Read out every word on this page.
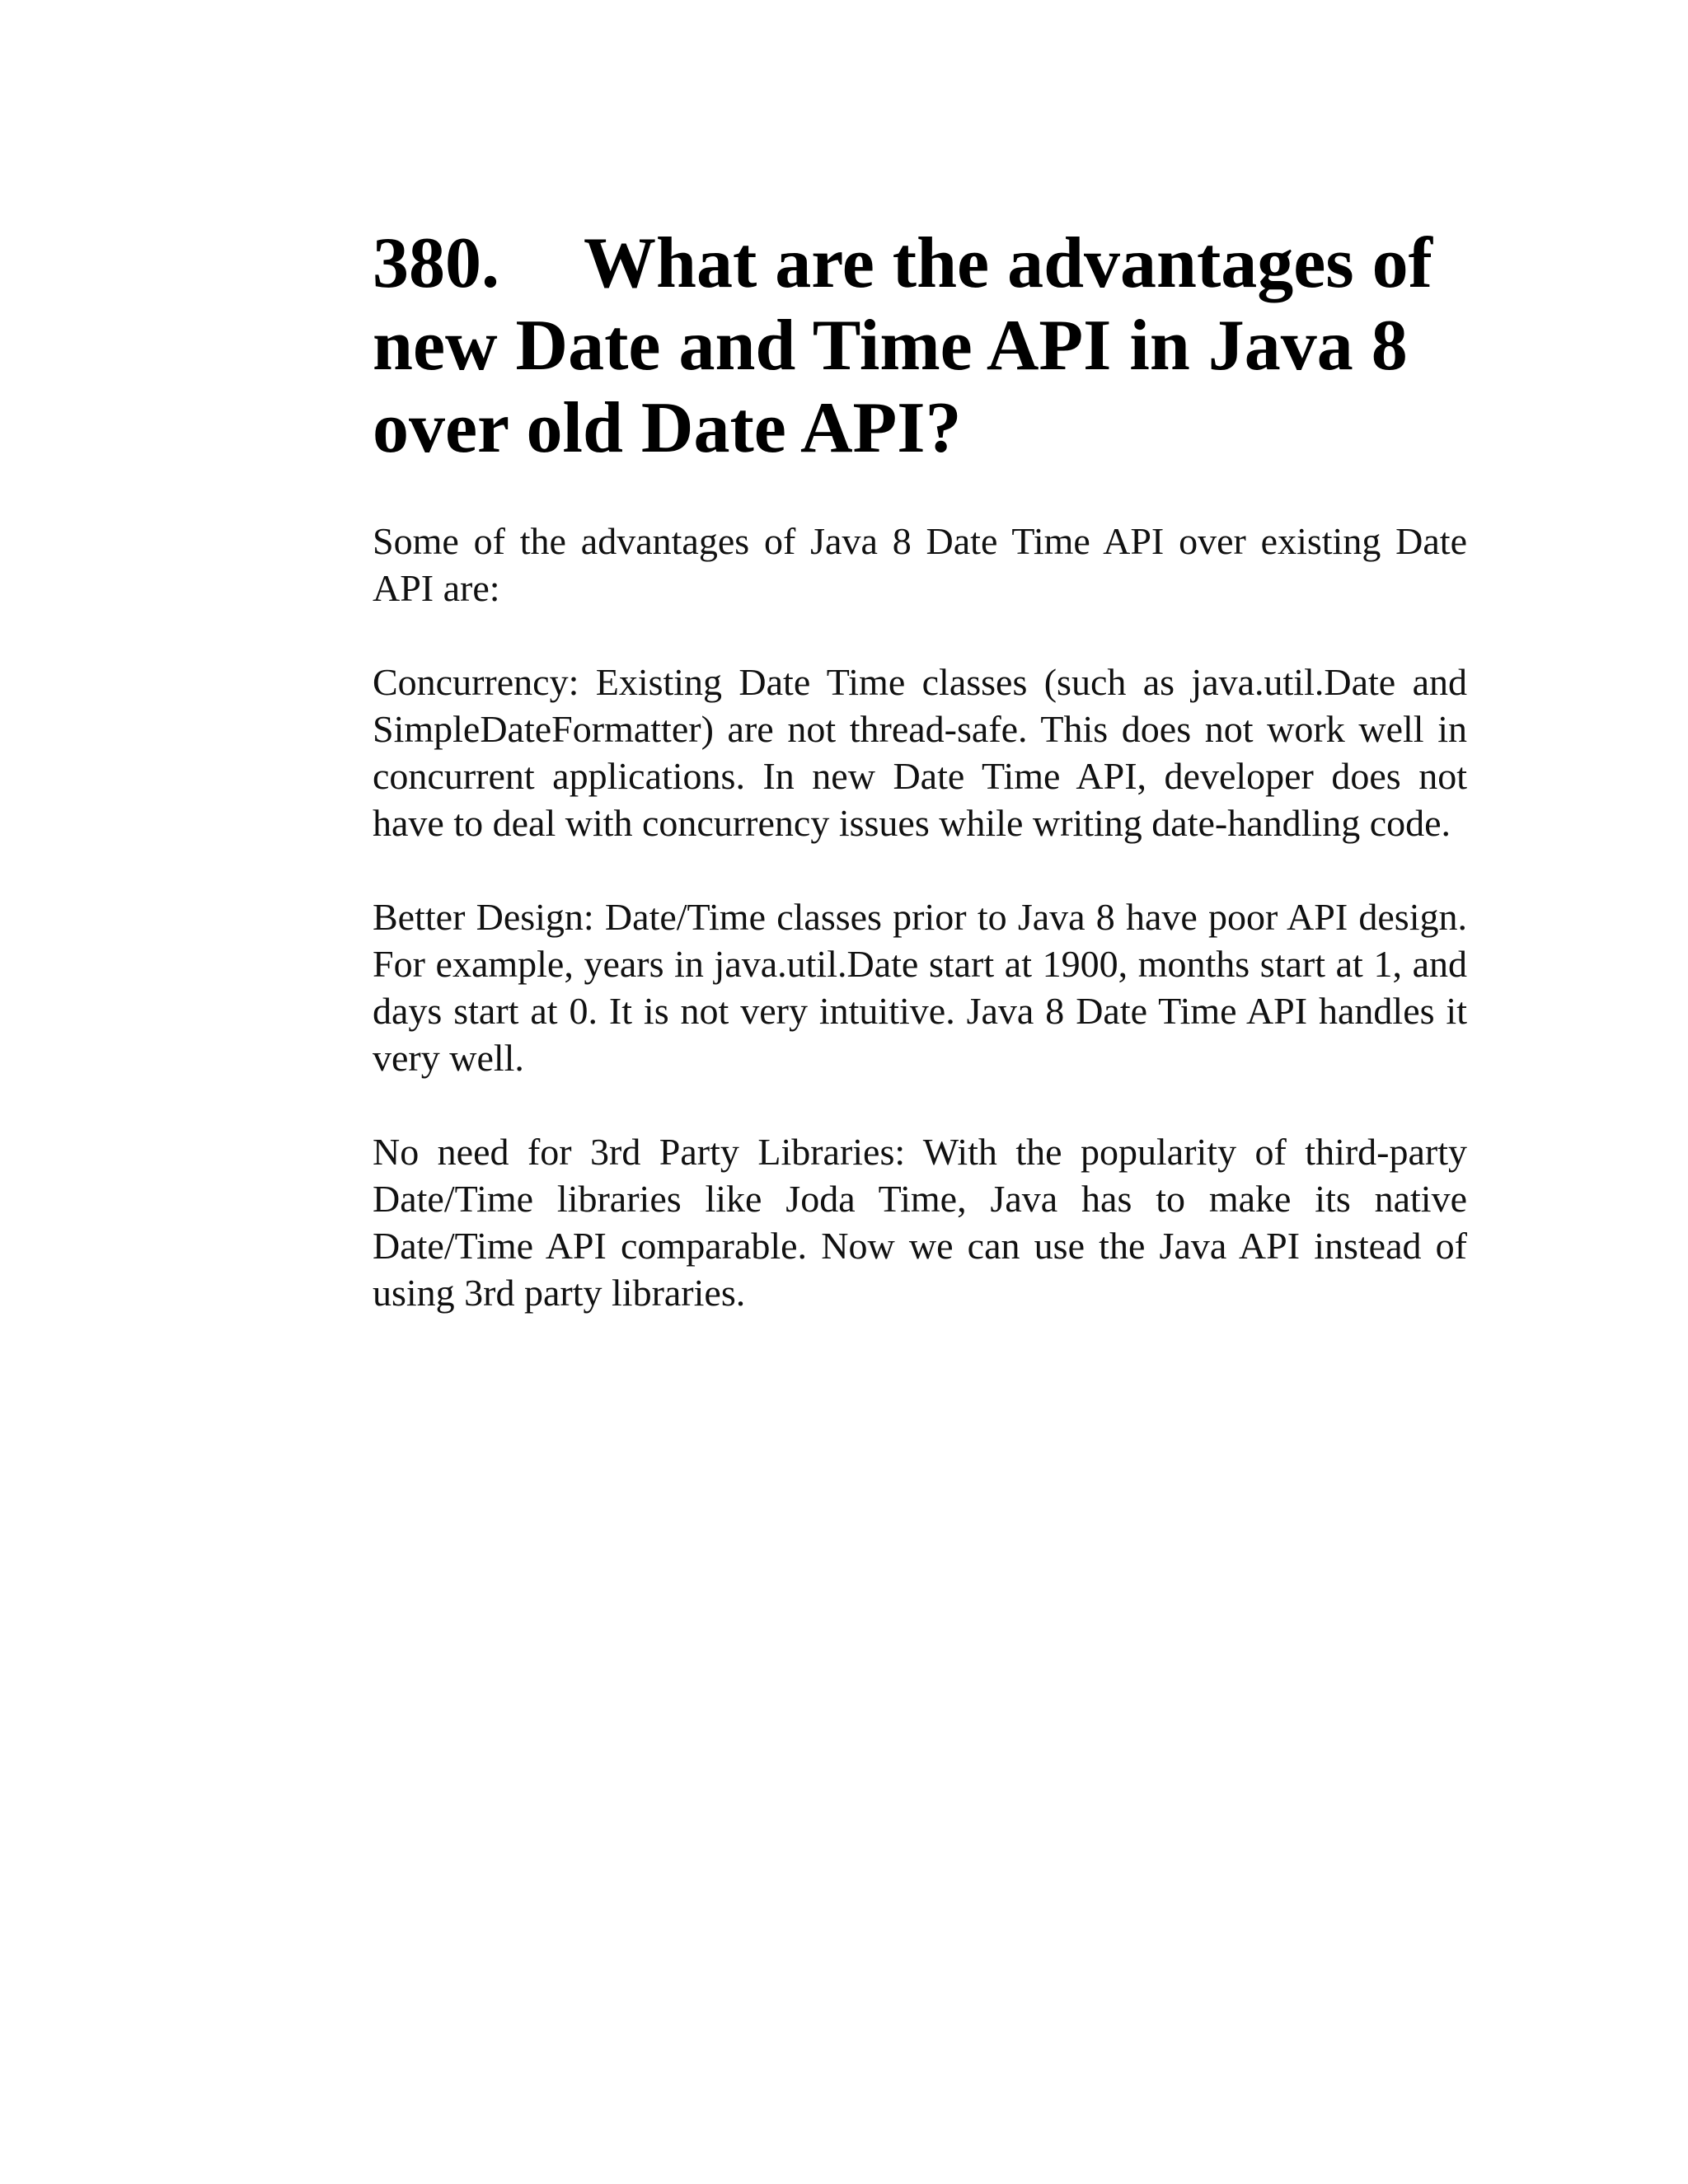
380. What are the advantages of new Date and Time API in Java 8 over old Date API?

Some of the advantages of Java 8 Date Time API over existing Date API are:

Concurrency: Existing Date Time classes (such as java.util.Date and SimpleDateFormatter) are not thread-safe. This does not work well in concurrent applications. In new Date Time API, developer does not have to deal with concurrency issues while writing date-handling code.

Better Design: Date/Time classes prior to Java 8 have poor API design. For example, years in java.util.Date start at 1900, months start at 1, and days start at 0. It is not very intuitive. Java 8 Date Time API handles it very well.

No need for 3rd Party Libraries: With the popularity of third-party Date/Time libraries like Joda Time, Java has to make its native Date/Time API comparable. Now we can use the Java API instead of using 3rd party libraries.
